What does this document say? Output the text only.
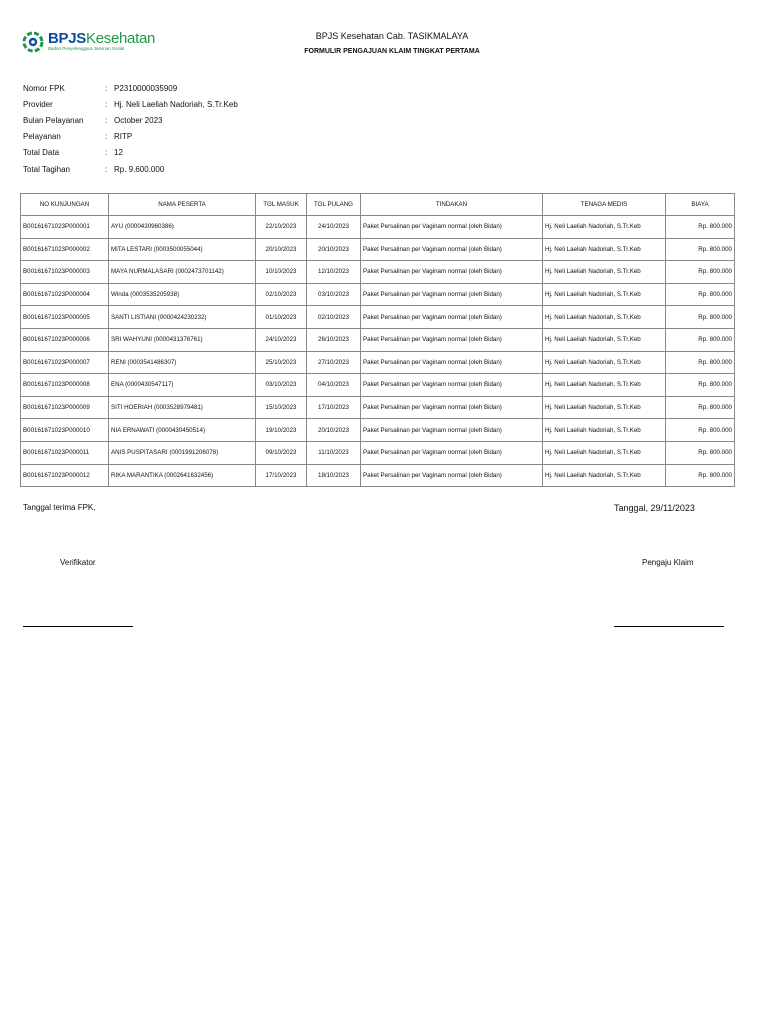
BPJSKesehatan
Badan Penyelenggara Jaminan Sosial
BPJS Kesehatan Cab. TASIKMALAYA
FORMULIR PENGAJUAN KLAIM TINGKAT PERTAMA
Nomor FPK	: P2310000035909
Provider	: Hj. Neli Laeliah Nadoriah, S.Tr.Keb
Bulan Pelayanan	: October 2023
Pelayanan	: RITP
Total Data	: 12
Total Tagihan	: Rp. 9.600.000
NO KUNJUNGAN	NAMA PESERTA	TGL MASUK	TGL PULANG	TINDAKAN	TENAGA MEDIS	BIAYA
B00161671023P000001	AYU (0000430960386)	22/10/2023	24/10/2023	Paket Persalinan per Vaginam normal (oleh Bidan)	Hj. Neli Laeliah Nadoriah, S.Tr.Keb	Rp. 800.000
B00161671023P000002	MITA LESTARI (0003500055044)	20/10/2023	20/10/2023	Paket Persalinan per Vaginam normal (oleh Bidan)	Hj. Neli Laeliah Nadoriah, S.Tr.Keb	Rp. 800.000
B00161671023P000003	MAYA NURMALASARI (0002473701142)	10/10/2023	12/10/2023	Paket Persalinan per Vaginam normal (oleh Bidan)	Hj. Neli Laeliah Nadoriah, S.Tr.Keb	Rp. 800.000
B00161671023P000004	Winda (0003535205938)	02/10/2023	03/10/2023	Paket Persalinan per Vaginam normal (oleh Bidan)	Hj. Neli Laeliah Nadoriah, S.Tr.Keb	Rp. 800.000
B00161671023P000005	SANTI LISTIANI (0000424230232)	01/10/2023	02/10/2023	Paket Persalinan per Vaginam normal (oleh Bidan)	Hj. Neli Laeliah Nadoriah, S.Tr.Keb	Rp. 800.000
B00161671023P000006	SRI WAHYUNI (0000431376761)	24/10/2023	26/10/2023	Paket Persalinan per Vaginam normal (oleh Bidan)	Hj. Neli Laeliah Nadoriah, S.Tr.Keb	Rp. 800.000
B00161671023P000007	RENI (0003541486307)	25/10/2023	27/10/2023	Paket Persalinan per Vaginam normal (oleh Bidan)	Hj. Neli Laeliah Nadoriah, S.Tr.Keb	Rp. 800.000
B00161671023P000008	ENA (0000430547117)	03/10/2023	04/10/2023	Paket Persalinan per Vaginam normal (oleh Bidan)	Hj. Neli Laeliah Nadoriah, S.Tr.Keb	Rp. 800.000
B00161671023P000009	SITI HOERIAH (0003528979481)	15/10/2023	17/10/2023	Paket Persalinan per Vaginam normal (oleh Bidan)	Hj. Neli Laeliah Nadoriah, S.Tr.Keb	Rp. 800.000
B00161671023P000010	NIA ERNAWATI (0000430450514)	19/10/2023	20/10/2023	Paket Persalinan per Vaginam normal (oleh Bidan)	Hj. Neli Laeliah Nadoriah, S.Tr.Keb	Rp. 800.000
B00161671023P000011	ANIS PUSPITASARI (0001991206078)	09/10/2023	11/10/2023	Paket Persalinan per Vaginam normal (oleh Bidan)	Hj. Neli Laeliah Nadoriah, S.Tr.Keb	Rp. 800.000
B00161671023P000012	RIKA MARANTIKA (0002641632456)	17/10/2023	18/10/2023	Paket Persalinan per Vaginam normal (oleh Bidan)	Hj. Neli Laeliah Nadoriah, S.Tr.Keb	Rp. 800.000
Tanggal terima FPK,	Tanggal, 29/11/2023
Verifikator	Pengaju Klaim
